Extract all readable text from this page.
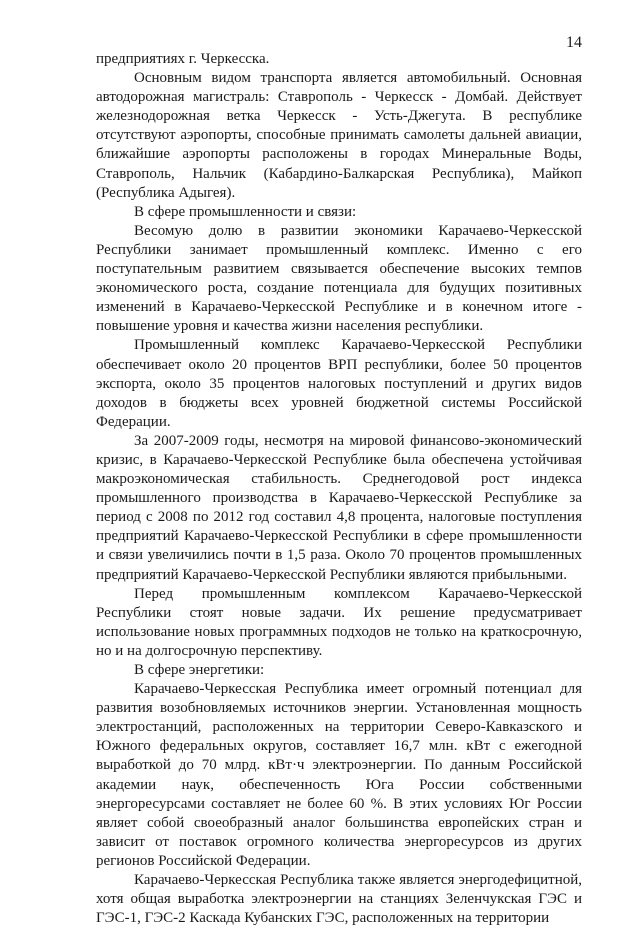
14

предприятиях г. Черкесска.

Основным видом транспорта является автомобильный. Основная автодорожная магистраль: Ставрополь - Черкесск - Домбай. Действует железнодорожная ветка Черкесск - Усть-Джегута. В республике отсутствуют аэропорты, способные принимать самолеты дальней авиации, ближайшие аэропорты расположены в городах Минеральные Воды, Ставрополь, Нальчик (Кабардино-Балкарская Республика), Майкоп (Республика Адыгея).

В сфере промышленности и связи:

Весомую долю в развитии экономики Карачаево-Черкесской Республики занимает промышленный комплекс. Именно с его поступательным развитием связывается обеспечение высоких темпов экономического роста, создание потенциала для будущих позитивных изменений в Карачаево-Черкесской Республике и в конечном итоге - повышение уровня и качества жизни населения республики.

Промышленный комплекс Карачаево-Черкесской Республики обеспечивает около 20 процентов ВРП республики, более 50 процентов экспорта, около 35 процентов налоговых поступлений и других видов доходов в бюджеты всех уровней бюджетной системы Российской Федерации.

За 2007-2009 годы, несмотря на мировой финансово-экономический кризис, в Карачаево-Черкесской Республике была обеспечена устойчивая макроэкономическая стабильность. Среднегодовой рост индекса промышленного производства в Карачаево-Черкесской Республике за период с 2008 по 2012 год составил 4,8 процента, налоговые поступления предприятий Карачаево-Черкесской Республики в сфере промышленности и связи увеличились почти в 1,5 раза. Около 70 процентов промышленных предприятий Карачаево-Черкесской Республики являются прибыльными.

Перед промышленным комплексом Карачаево-Черкесской Республики стоят новые задачи. Их решение предусматривает использование новых программных подходов не только на краткосрочную, но и на долгосрочную перспективу.

В сфере энергетики:

Карачаево-Черкесская Республика имеет огромный потенциал для развития возобновляемых источников энергии. Установленная мощность электростанций, расположенных на территории Северо-Кавказского и Южного федеральных округов, составляет 16,7 млн. кВт с ежегодной выработкой до 70 млрд. кВт·ч электроэнергии. По данным Российской академии наук, обеспеченность Юга России собственными энергоресурсами составляет не более 60 %. В этих условиях Юг России являет собой своеобразный аналог большинства европейских стран и зависит от поставок огромного количества энергоресурсов из других регионов Российской Федерации.

Карачаево-Черкесская Республика также является энергодефицитной, хотя общая выработка электроэнергии на станциях Зеленчукская ГЭС и ГЭС-1, ГЭС-2 Каскада Кубанских ГЭС, расположенных на территории
